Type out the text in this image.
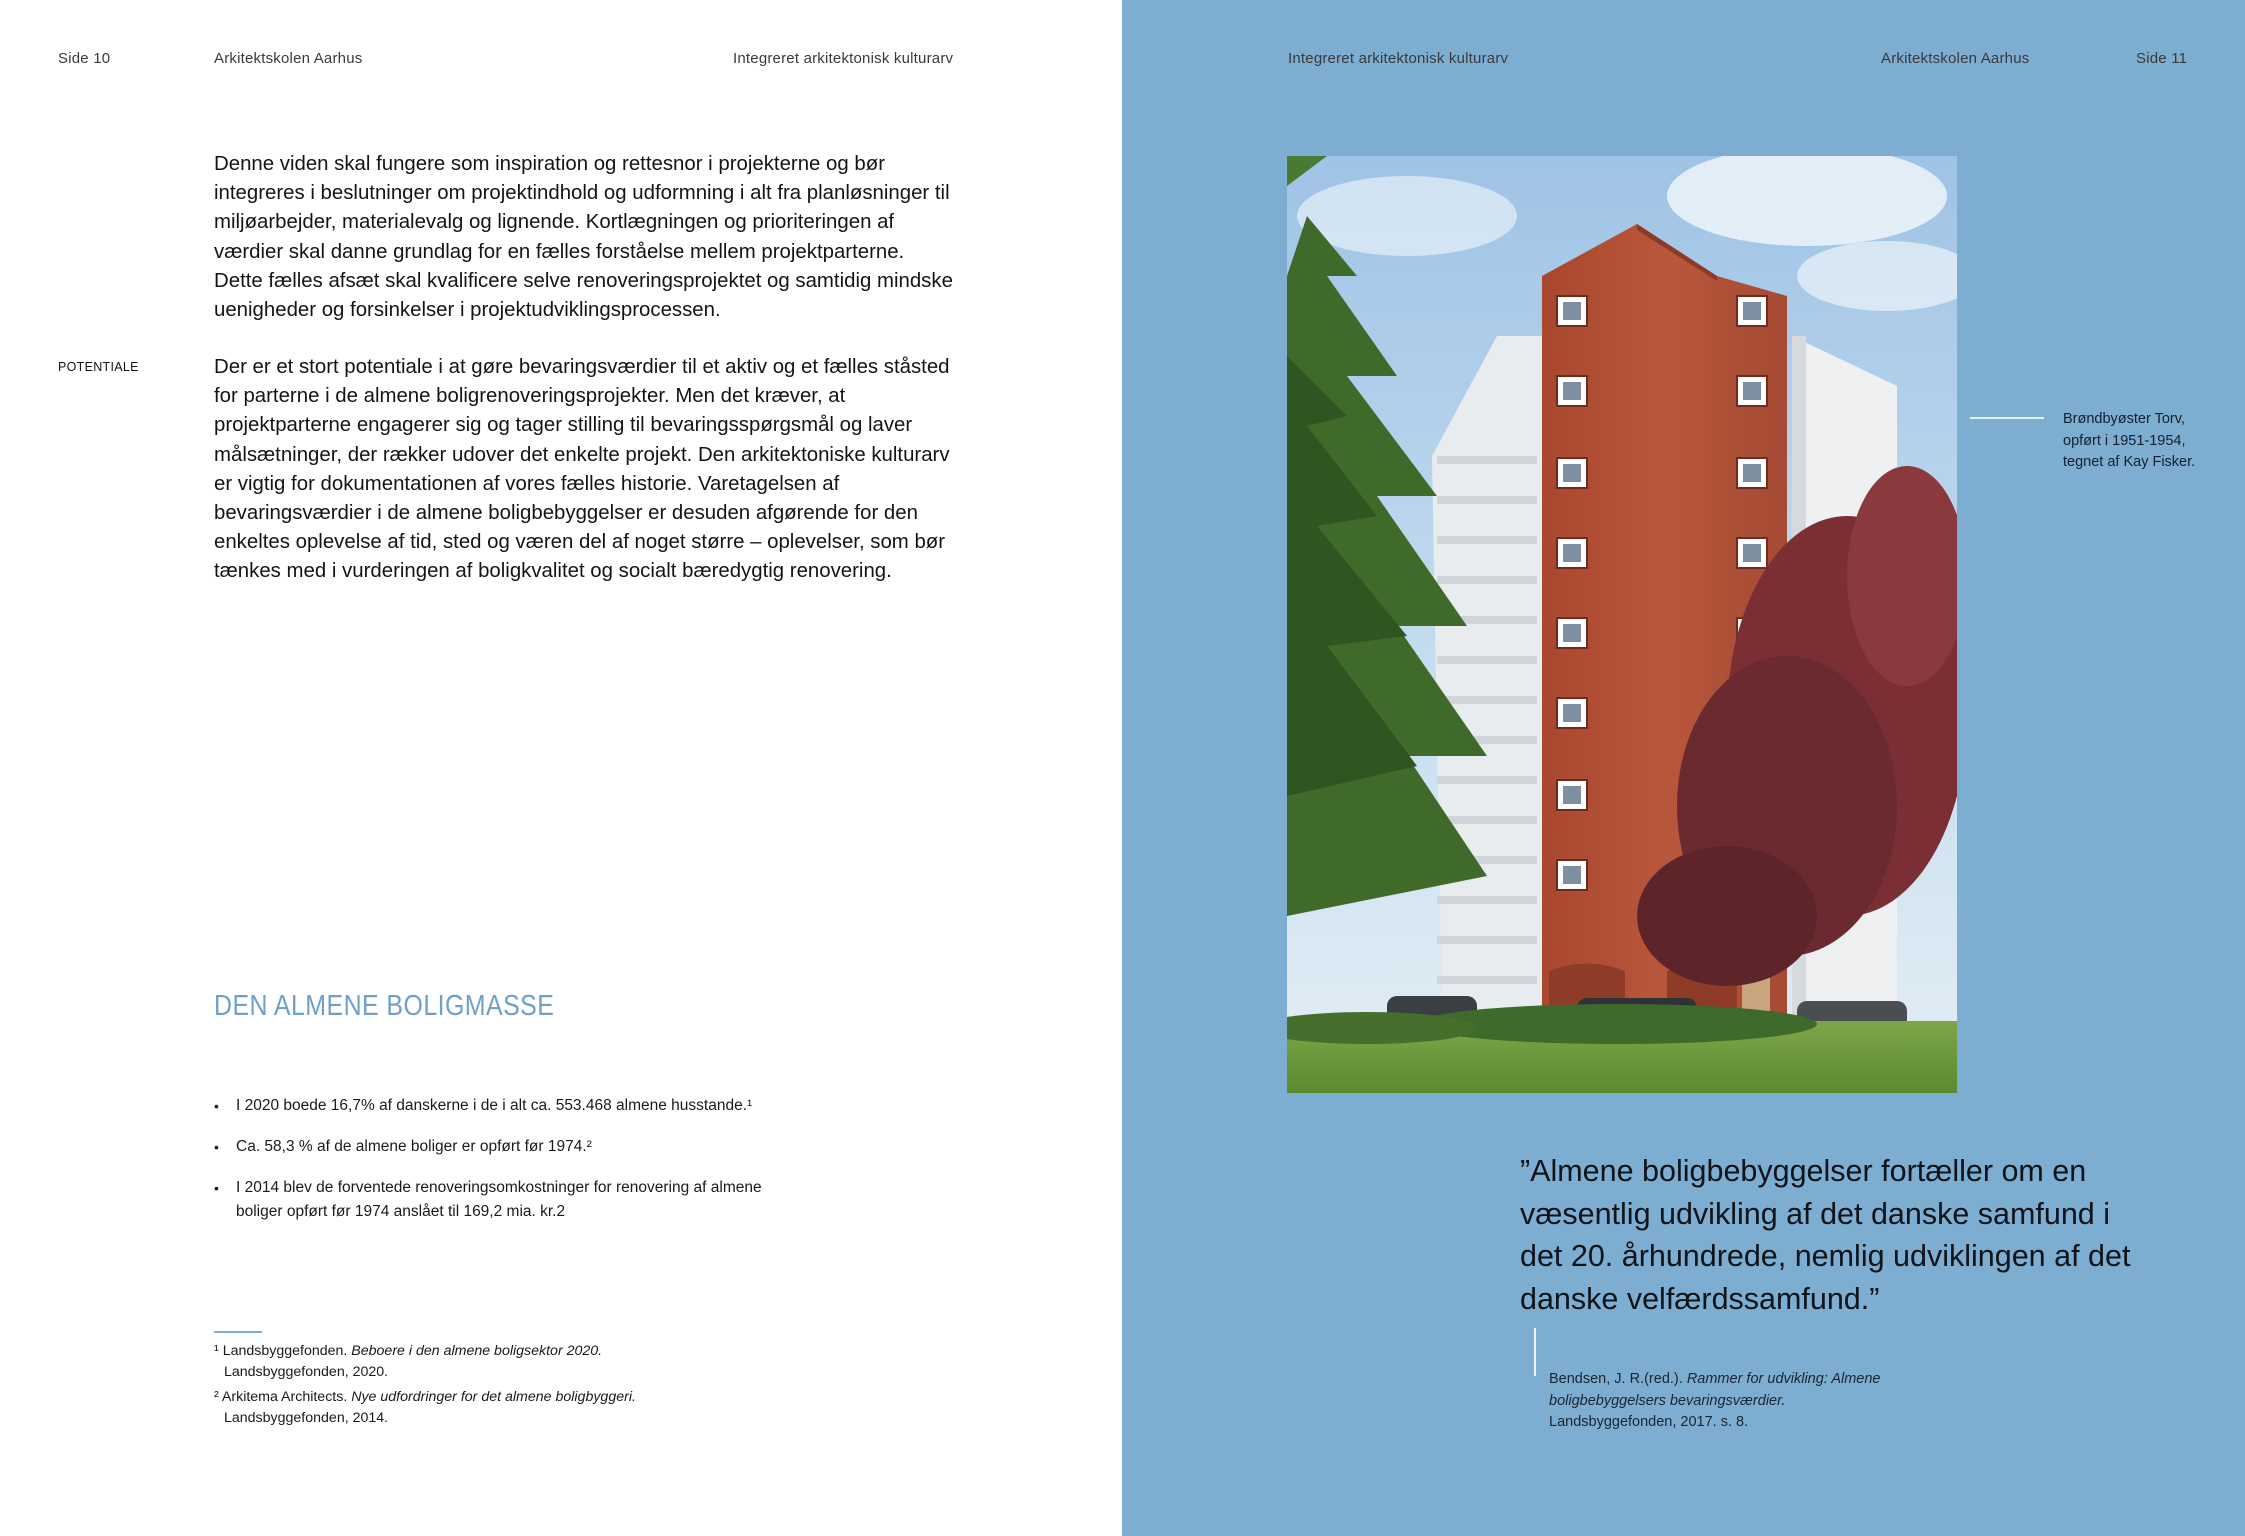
Side 10	Arkitektskolen Aarhus	Integreret arkitektonisk kulturarv

Denne viden skal fungere som inspiration og rettesnor i projekterne og bør integreres i beslutninger om projektindhold og udformning i alt fra planløsninger til miljøarbejder, materialevalg og lignende. Kortlægningen og prioriteringen af værdier skal danne grundlag for en fælles forståelse mellem projektparterne. Dette fælles afsæt skal kvalificere selve renoveringsprojektet og samtidig mindske uenigheder og forsinkelser i projektudviklingsprocessen.

POTENTIALE	Der er et stort potentiale i at gøre bevaringsværdier til et aktiv og et fælles ståsted for parterne i de almene boligrenoveringsprojekter. Men det kræver, at projektparterne engagerer sig og tager stilling til bevaringsspørgsmål og laver målsætninger, der rækker udover det enkelte projekt. Den arkitektoniske kulturarv er vigtig for dokumentationen af vores fælles historie. Varetagelsen af bevaringsværdier i de almene boligbebyggelser er desuden afgørende for den enkeltes oplevelse af tid, sted og væren del af noget større – oplevelser, som bør tænkes med i vurderingen af boligkvalitet og socialt bæredygtig renovering.

DEN ALMENE BOLIGMASSE
• I 2020 boede 16,7% af danskerne i de i alt ca. 553.468 almene husstande.¹
• Ca. 58,3 % af de almene boliger er opført før 1974.²
• I 2014 blev de forventede renoveringsomkostninger for renovering af almene boliger opført før 1974 anslået til 169,2 mia. kr.2
¹ Landsbyggefonden. Beboere i den almene boligsektor 2020.
Landsbyggefonden, 2020.
² Arkitema Architects. Nye udfordringer for det almene boligbyggeri.
Landsbyggefonden, 2014.
Integreret arkitektonisk kulturarv	Arkitektskolen Aarhus	Side 11
Brøndbyøster Torv, opført i 1951-1954, tegnet af Kay Fisker.

”Almene boligbebyggelser fortæller om en væsentlig udvikling af det danske samfund i det 20. århundrede, nemlig udviklingen af det danske velfærdssamfund.”

Bendsen, J. R.(red.). Rammer for udvikling: Almene boligbebyggelsers bevaringsværdier.
Landsbyggefonden, 2017. s. 8.
